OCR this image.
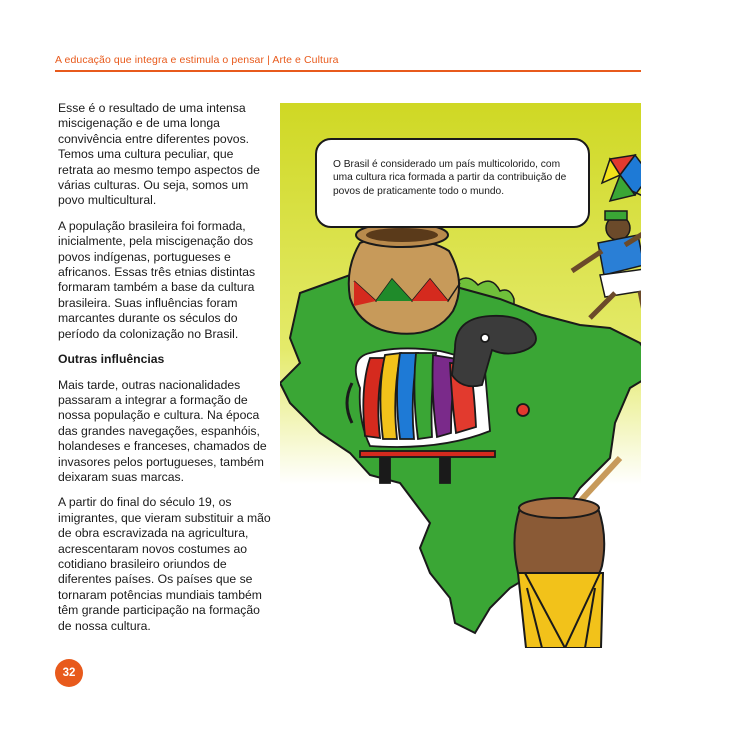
A educação que integra e estimula o pensar | Arte e Cultura

Esse é o resultado de uma intensa miscigenação e de uma longa convivência entre diferentes povos. Temos uma cultura peculiar, que retrata ao mesmo tempo aspectos de várias culturas. Ou seja, somos um povo multicultural.

A população brasileira foi formada, inicialmente, pela miscigenação dos povos indígenas, portugueses e africanos. Essas três etnias distintas formaram também a base da cultura brasileira. Suas influências foram marcantes durante os séculos do período da colonização no Brasil.

Outras influências

Mais tarde, outras nacionalidades passaram a integrar a formação de nossa população e cultura. Na época das grandes navegações, espanhóis, holandeses e franceses, chamados de invasores pelos portugueses, também deixaram suas marcas.

A partir do final do século 19, os imigrantes, que vieram substituir a mão de obra escravizada na agricultura, acrescentaram novos costumes ao cotidiano brasileiro oriundos de diferentes países. Os países que se tornaram potências mundiais também têm grande participação na formação de nossa cultura.

O Brasil é considerado um país multicolorido, com uma cultura rica formada a partir da contribuição de povos de praticamente todo o mundo.
32
